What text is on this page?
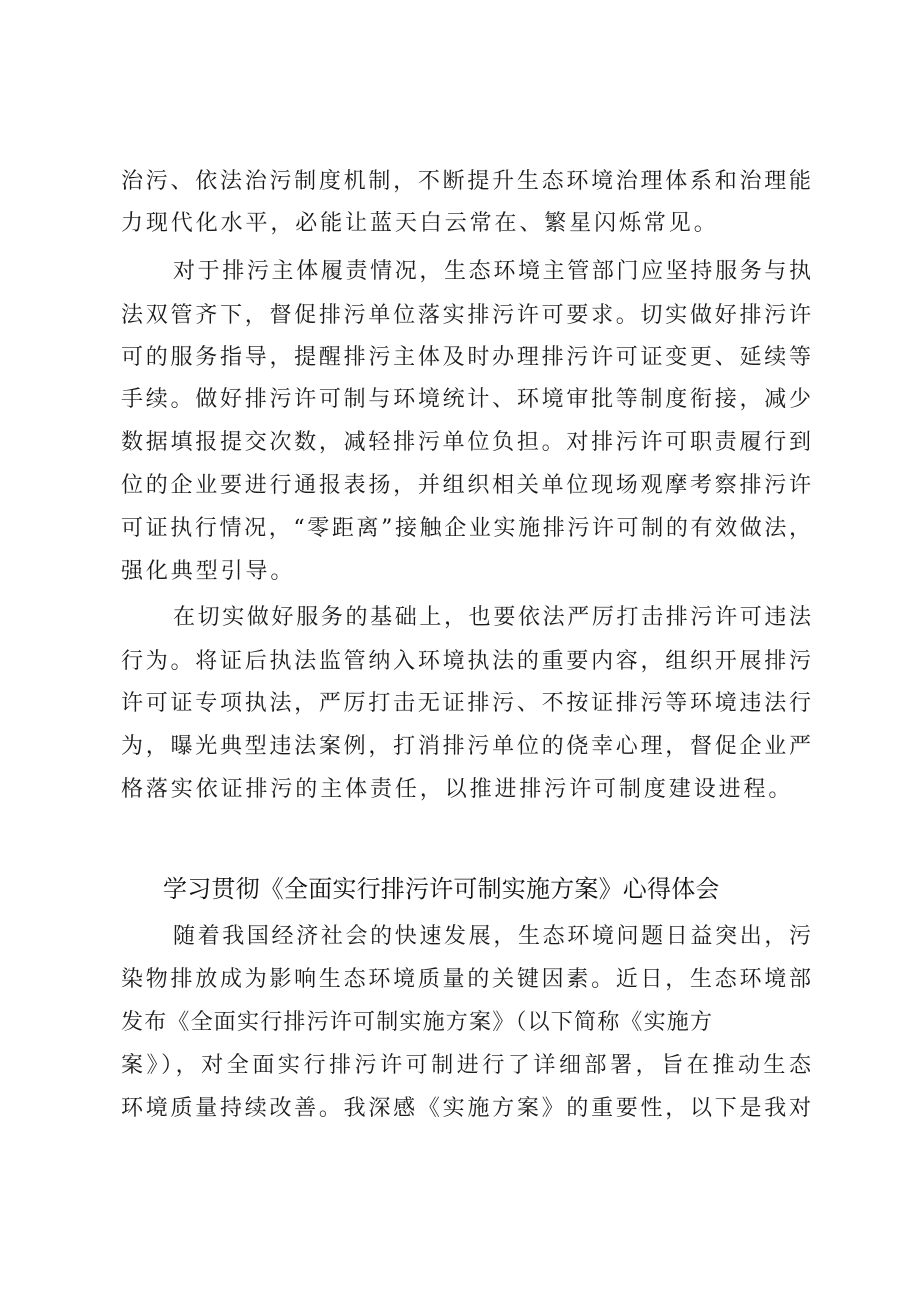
治污、依法治污制度机制，不断提升生态环境治理体系和治理能
力现代化水平，必能让蓝天白云常在、繁星闪烁常见。
对于排污主体履责情况，生态环境主管部门应坚持服务与执
法双管齐下，督促排污单位落实排污许可要求。切实做好排污许
可的服务指导，提醒排污主体及时办理排污许可证变更、延续等
手续。做好排污许可制与环境统计、环境审批等制度衔接，减少
数据填报提交次数，减轻排污单位负担。对排污许可职责履行到
位的企业要进行通报表扬，并组织相关单位现场观摩考察排污许
可证执行情况，“零距离”接触企业实施排污许可制的有效做法，
强化典型引导。
在切实做好服务的基础上，也要依法严厉打击排污许可违法
行为。将证后执法监管纳入环境执法的重要内容，组织开展排污
许可证专项执法，严厉打击无证排污、不按证排污等环境违法行
为，曝光典型违法案例，打消排污单位的侥幸心理，督促企业严
格落实依证排污的主体责任，以推进排污许可制度建设进程。
学习贯彻《全面实行排污许可制实施方案》心得体会
随着我国经济社会的快速发展，生态环境问题日益突出，污
染物排放成为影响生态环境质量的关键因素。近日，生态环境部
发布《全面实行排污许可制实施方案》（以下简称《实施方
案》），对全面实行排污许可制进行了详细部署，旨在推动生态
环境质量持续改善。我深感《实施方案》的重要性，以下是我对
